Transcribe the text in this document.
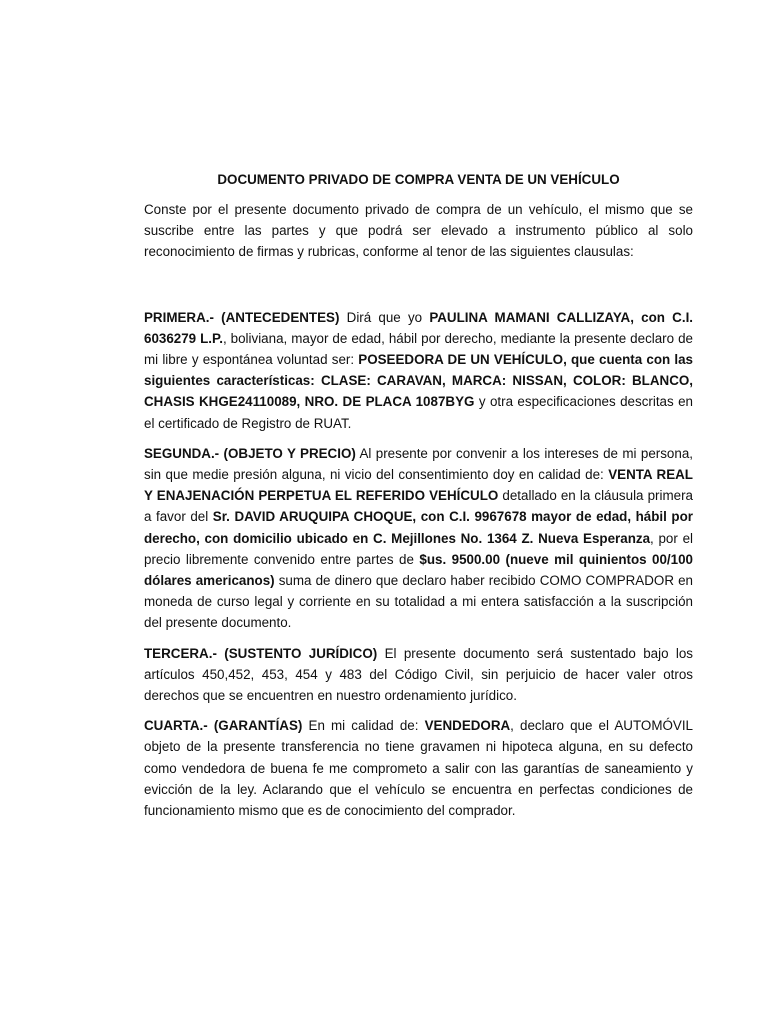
DOCUMENTO PRIVADO DE COMPRA VENTA DE UN VEHÍCULO

Conste por el presente documento privado de compra de un vehículo, el mismo que se suscribe entre las partes y que podrá ser elevado a instrumento público al solo reconocimiento de firmas y rubricas, conforme al tenor de las siguientes clausulas:

PRIMERA.- (ANTECEDENTES) Dirá que yo PAULINA MAMANI CALLIZAYA, con C.I. 6036279 L.P., boliviana, mayor de edad, hábil por derecho, mediante la presente declaro de mi libre y espontánea voluntad ser: POSEEDORA DE UN VEHÍCULO, que cuenta con las siguientes características: CLASE: CARAVAN, MARCA: NISSAN, COLOR: BLANCO, CHASIS KHGE24110089, NRO. DE PLACA 1087BYG y otra especificaciones descritas en el certificado de Registro de RUAT.

SEGUNDA.- (OBJETO Y PRECIO) Al presente por convenir a los intereses de mi persona, sin que medie presión alguna, ni vicio del consentimiento doy en calidad de: VENTA REAL Y ENAJENACIÓN PERPETUA EL REFERIDO VEHÍCULO detallado en la cláusula primera a favor del Sr. DAVID ARUQUIPA CHOQUE, con C.I. 9967678 mayor de edad, hábil por derecho, con domicilio ubicado en C. Mejillones No. 1364 Z. Nueva Esperanza, por el precio libremente convenido entre partes de $us. 9500.00 (nueve mil quinientos 00/100 dólares americanos) suma de dinero que declaro haber recibido COMO COMPRADOR en moneda de curso legal y corriente en su totalidad a mi entera satisfacción a la suscripción del presente documento.

TERCERA.- (SUSTENTO JURÍDICO) El presente documento será sustentado bajo los artículos 450,452, 453, 454 y 483 del Código Civil, sin perjuicio de hacer valer otros derechos que se encuentren en nuestro ordenamiento jurídico.

CUARTA.- (GARANTÍAS) En mi calidad de: VENDEDORA, declaro que el AUTOMÓVIL objeto de la presente transferencia no tiene gravamen ni hipoteca alguna, en su defecto como vendedora de buena fe me comprometo a salir con las garantías de saneamiento y evicción de la ley. Aclarando que el vehículo se encuentra en perfectas condiciones de funcionamiento mismo que es de conocimiento del comprador.
